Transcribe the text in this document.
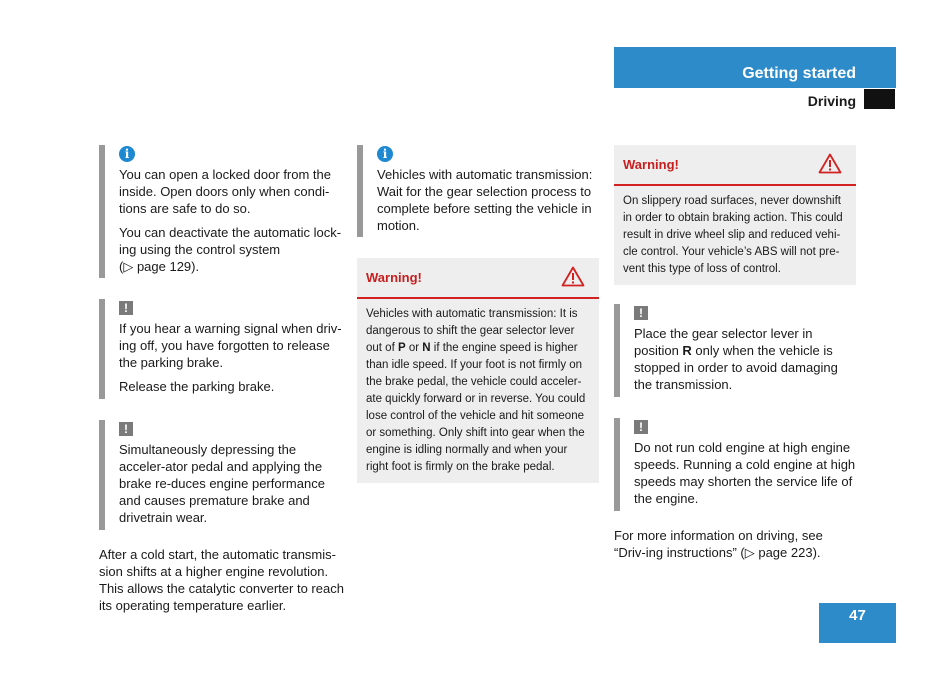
Getting started
Driving
i

You can open a locked door from the inside. Open doors only when condi-tions are safe to do so.

You can deactivate the automatic lock-ing using the control system

(▷ page 129).

!

If you hear a warning signal when driv-ing off, you have forgotten to release the parking brake.

Release the parking brake.

!

Simultaneously depressing the acceler-ator pedal and applying the brake re-duces engine performance and causes premature brake and drivetrain wear.

After a cold start, the automatic transmis-sion shifts at a higher engine revolution. This allows the catalytic converter to reach its operating temperature earlier.

i

Vehicles with automatic transmission: Wait for the gear selection process to complete before setting the vehicle in motion.

Warning!
Vehicles with automatic transmission: It is dangerous to shift the gear selector lever out of P or N if the engine speed is higher than idle speed. If your foot is not firmly on the brake pedal, the vehicle could acceler-ate quickly forward or in reverse. You could lose control of the vehicle and hit someone or something. Only shift into gear when the engine is idling normally and when your right foot is firmly on the brake pedal.
Warning!
On slippery road surfaces, never downshift in order to obtain braking action. This could result in drive wheel slip and reduced vehi-cle control. Your vehicle’s ABS will not pre-vent this type of loss of control.
!

Place the gear selector lever in position R only when the vehicle is stopped in order to avoid damaging the transmission.

!

Do not run cold engine at high engine speeds. Running a cold engine at high speeds may shorten the service life of the engine.

For more information on driving, see “Driv-ing instructions” (▷ page 223).

47
